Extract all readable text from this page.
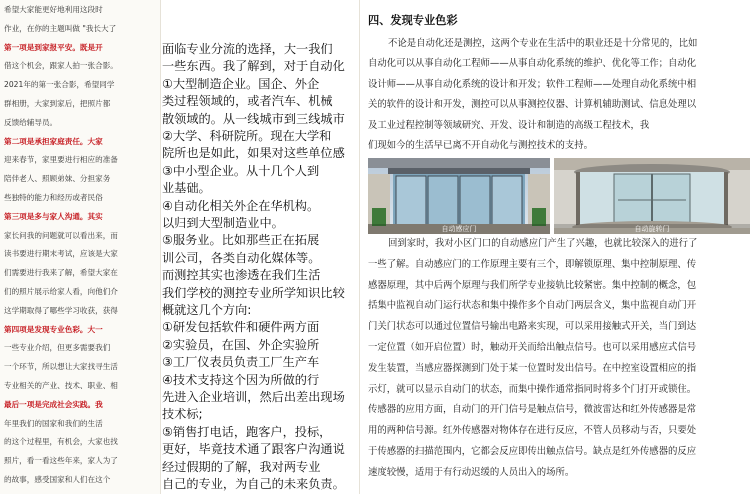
希望大家能更好地利用这段时
作业，在你的主题叫做 "我长大了
第一项是到家报平安。既是开
借这个机会，跟家人拍一张合影。
2021年的第一张合影，希望同学
群相册，大家到家后，把照片都
反馈给辅导员。
第二项是承担家庭责任。大家
迎来春节，家里要进行相应的准备
陪伴老人、照顾弟妹、分担家务
些独特的能力和经历或者民俗
第三项是多与家人沟通。其实
家长问我的问题就可以看出来，而
读书要进行期末考试，应该是大家
们需要进行我来了解，希望大家在
们的照片展示给家人看，向他们介
这学期取得了哪些学习收获，获得
第四项是发现专业色彩。大一
一些专业介绍，但更多需要我们
一个环节，所以想让大家找寻生活
专业相关的产业、技术、职业、相
最后一项是完成社会实践。我
年里我们的国家和我们的生活
的这个过程里，有机会，大家也找
照片，看一看这些年来，家人为了
的故事，感受国家和人们在这个
面临专业分流的选择，大一我们
一些东西。我了解到，对于自动化
①大型制造企业。国企、外企
类过程领域的，或者汽车、机械
散领域的。从一线城市到三线城市
②大学、科研院所。现在大学和
院所也是如此，如果对这些单位感
③中小型企业。从十几个人到
业基础。
④自动化相关外企在华机构。
以归到大型制造业中。
⑤服务业。比如那些正在拓展
训公司，各类自动化媒体等。
而测控其实也渗透在我们生活
我们学校的测控专业所学知识比较
概就这几个方向:
①研发包括软件和硬件两方面
②实验员，在国、外企实验所
③工厂仪表员负责工厂生产车
④技术支持这个因为所做的行
先进入企业培训，然后出差出现场
技术标;
⑤销售打电话，跑客户，投标，
更好，毕竟技术通了跟客户沟通说
经过假期的了解，我对两专业
自己的专业，为自己的未来负责。
四、发现专业色彩
不论是自动化还是测控，这两个专业在生活中的职业还是十分常见的，比如
自动化可以从事自动化工程师——从事自动化系统的维护、优化等工作；自动化
设计师——从事自动化系统的设计和开发；软件工程师——处理自动化系统中相
关的软件的设计和开发，测控可以从事测控仪器、计算机辅助测试、信息处理以
及工业过程控制等领域研究、开发、设计和制造的高级工程技术，我
们现如今的生活早已离不开自动化与测控技术的支持。
自动感应门	自动旋转门
回到家时，我对小区门口的自动感应门产生了兴趣，也就比较深入的进行了
一些了解。自动感应门的工作原理主要有三个，即解锁原理、集中控制原理、传
感器原理，其中后两个原理与我们所学专业接轨比较紧密。集中控制的概念，包
括集中监视自动门运行状态和集中操作多个自动门两层含义，集中监视自动门开
门关门状态可以通过位置信号输出电路来实现，可以采用接触式开关，当门到达
一定位置（如开启位置）时，触动开关而给出触点信号。也可以采用感应式信号
发生装置，当感应器探测到门处于某一位置时发出信号。在中控室设置相应的指
示灯，就可以显示自动门的状态，而集中操作通常指同时将多个门打开或锁住。
传感器的应用方面，自动门的开门信号是触点信号，微波雷达和红外传感器是常
用的两种信号源。红外传感器对物体存在进行反应，不管人员移动与否，只要处
于传感器的扫描范围内，它都会反应即传出触点信号。缺点是红外传感器的反应
速度较慢，适用于有行动迟缓的人员出入的场所。
